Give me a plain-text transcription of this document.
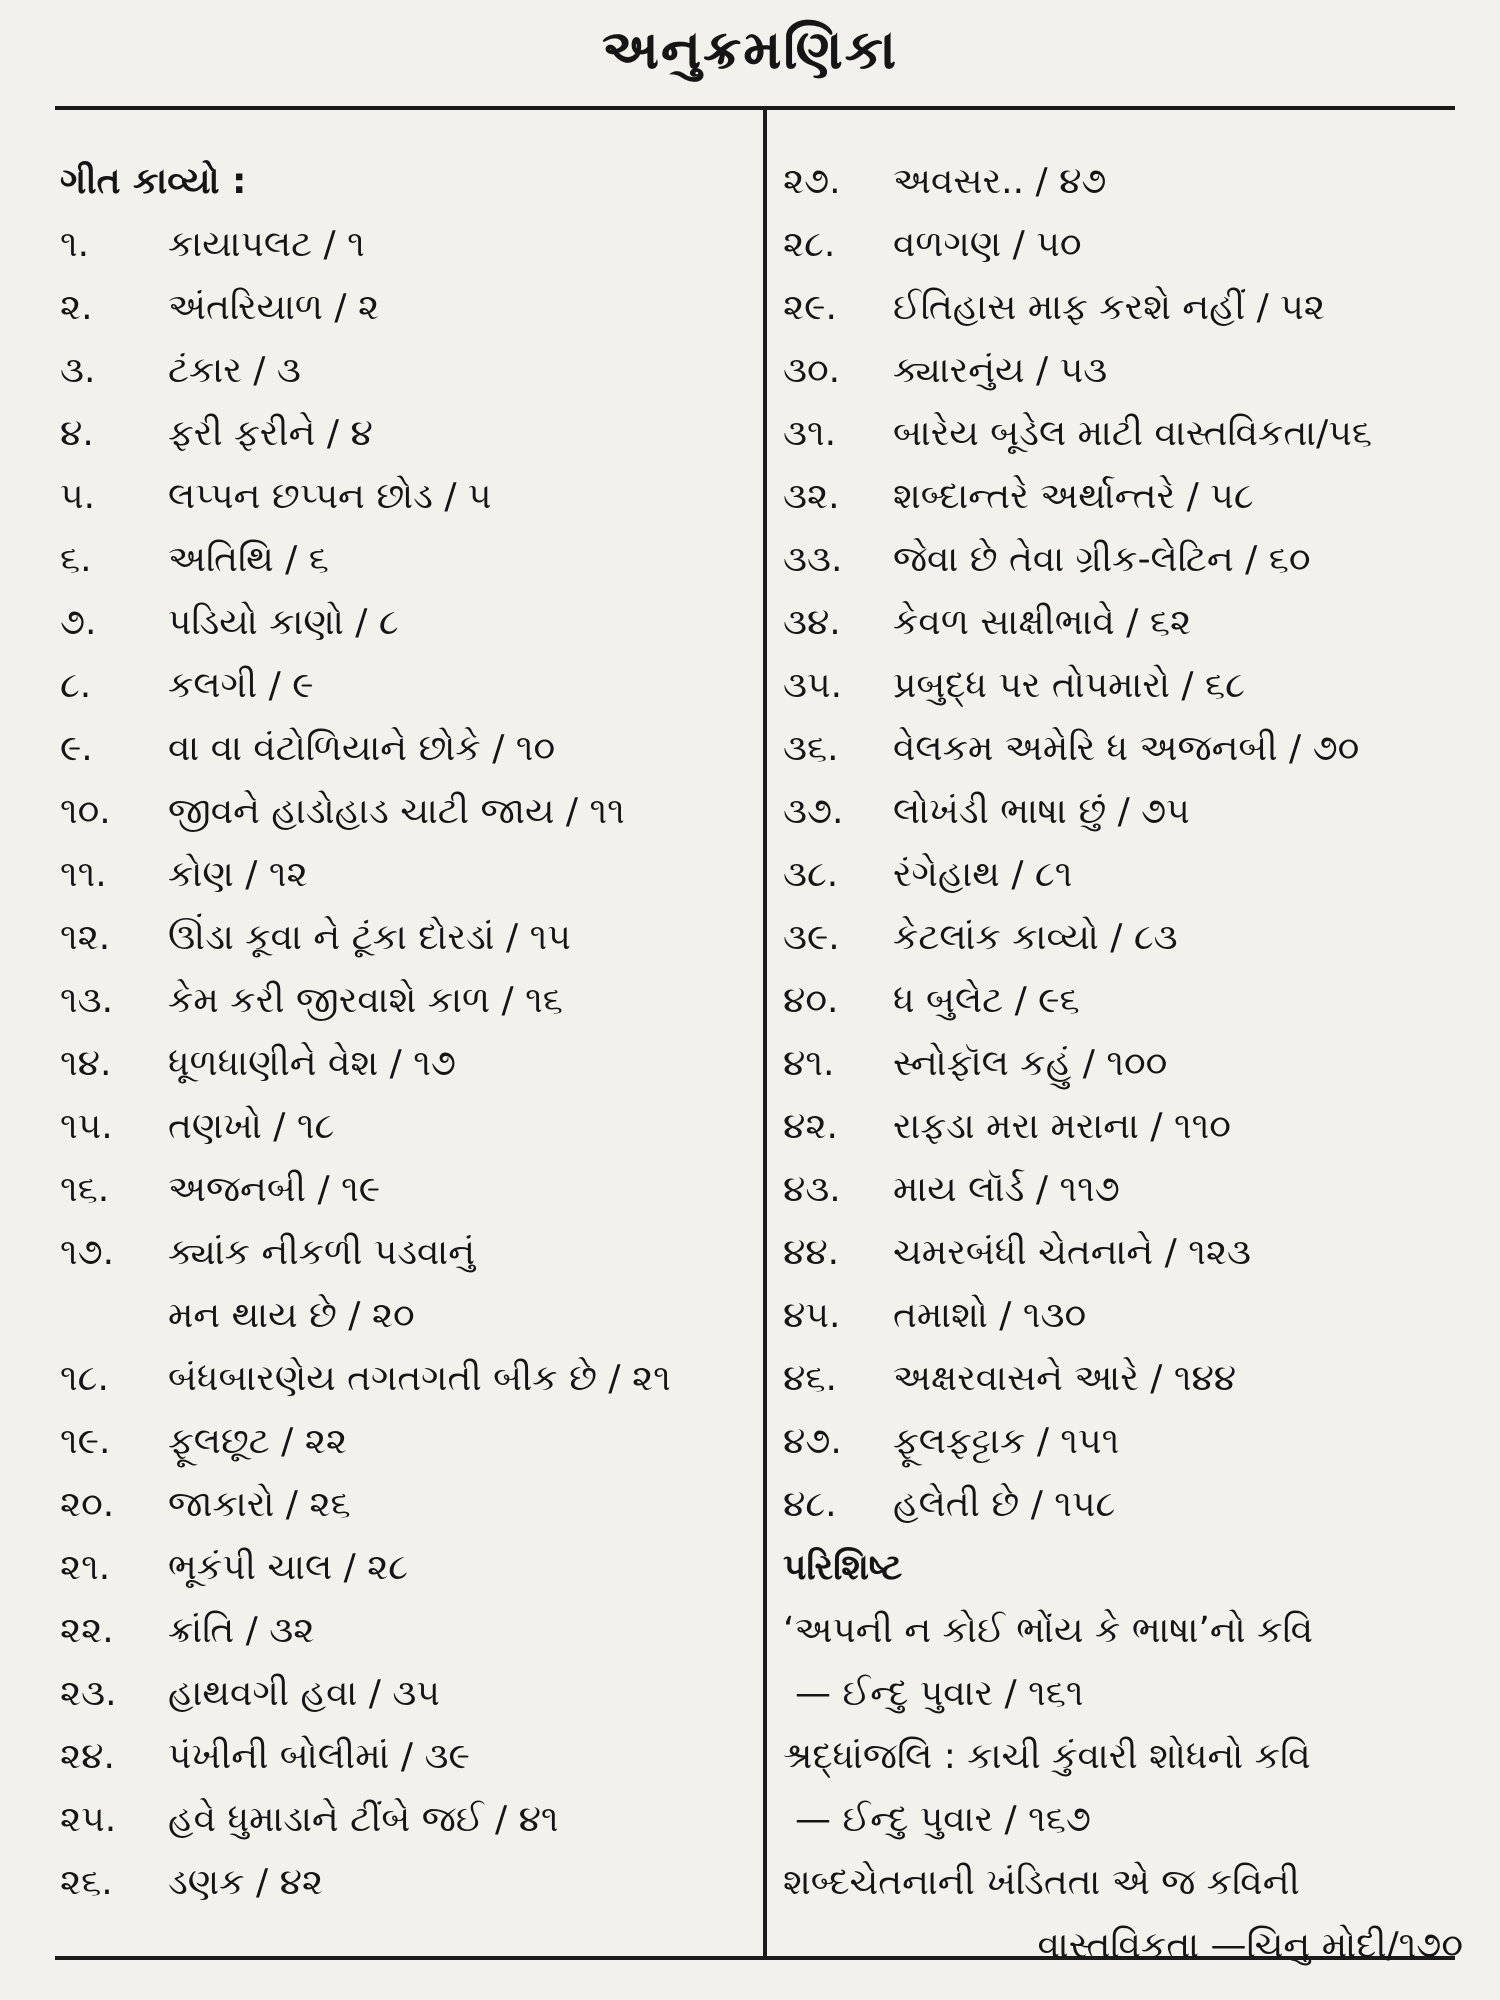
અનુક્રમણિકા
ગીત કાવ્યો :
૧.	કાયાપલટ / ૧
૨.	અંતરિયાળ / ૨
૩.	ટંકાર / ૩
૪.	ફરી ફરીને / ૪
૫.	લપ્પન છપ્પન છોડ / ૫
૬.	અતિથિ / ૬
૭.	પડિયો કાણો / ૮
૮.	કલગી / ૯
૯.	વા વા વંટોળિયાને છોકે / ૧૦
૧૦.	જીવને હાડોહાડ ચાટી જાય / ૧૧
૧૧.	કોણ / ૧૨
૧૨.	ઊંડા કૂવા ને ટૂંકા દોરડાં / ૧૫
૧૩.	કેમ કરી જીરવાશે કાળ / ૧૬
૧૪.	ધૂળધાણીને વેશ / ૧૭
૧૫.	તણખો / ૧૮
૧૬.	અજનબી / ૧૯
૧૭.	ક્યાંક નીકળી પડવાનું
મન થાય છે / ૨૦
૧૮.	બંધબારણેય તગતગતી બીક છે / ૨૧
૧૯.	ફૂલછૂટ / ૨૨
૨૦.	જાકારો / ૨૬
૨૧.	ભૂકંપી ચાલ / ૨૮
૨૨.	ક્રાંતિ / ૩૨
૨૩.	હાથવગી હવા / ૩૫
૨૪.	પંખીની બોલીમાં / ૩૯
૨૫.	હવે ધુમાડાને ટીંબે જઈ / ૪૧
૨૬.	ડણક / ૪૨
૨૭.	અવસર.. / ૪૭
૨૮.	વળગણ / ૫૦
૨૯.	ઈતિહાસ માફ કરશે નહીં / ૫૨
૩૦.	ક્યારનુંય / ૫૩
૩૧.	બારેય બૂડેલ માટી વાસ્તવિકતા/૫૬
૩૨.	શબ્દાન્તરે અર્થાન્તરે / ૫૮
૩૩.	જેવા છે તેવા ગ્રીક-લેટિન / ૬૦
૩૪.	કેવળ સાક્ષીભાવે / ૬૨
૩૫.	પ્રબુદ્ધ પર તોપમારો / ૬૮
૩૬.	વેલકમ અમેરિ ધ અજનબી / ૭૦
૩૭.	લોખંડી ભાષા છું / ૭૫
૩૮.	રંગેહાથ / ૮૧
૩૯.	કેટલાંક કાવ્યો / ૮૩
૪૦.	ધ બુલેટ / ૯૬
૪૧.	સ્નોફૉલ કહું / ૧૦૦
૪૨.	રાફડા મરા મરાના / ૧૧૦
૪૩.	માય લૉર્ડ / ૧૧૭
૪૪.	ચમરબંધી ચેતનાને / ૧૨૩
૪૫.	તમાશો / ૧૩૦
૪૬.	અક્ષરવાસને આરે / ૧૪૪
૪૭.	ફૂલફટ્ટાક / ૧૫૧
૪૮.	હલેતી છે / ૧૫૮
પરિશિષ્ટ
‘અપની ન કોઈ ભોંય કે ભાષા’નો કવિ
— ઈન્દુ પુવાર / ૧૬૧
શ્રદ્ધાંજલિ : કાચી કુંવારી શોધનો કવિ
— ઈન્દુ પુવાર / ૧૬૭
શબ્દચેતનાની ખંડિતતા એ જ કવિની
વાસ્તવિકતા —ચિનુ મોદી/૧૭૦
